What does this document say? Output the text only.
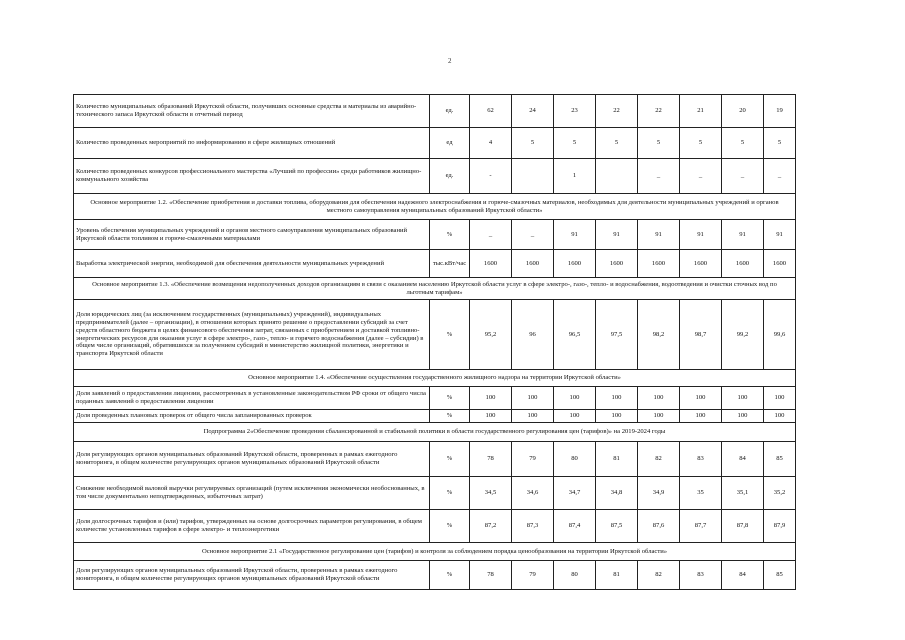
2
Количество муниципальных образований Иркутской области, получивших основные средства и материалы из аварийно-технического запаса Иркутской области в отчетный период	ед.	62	24	23	22	22	21	20	19
Количество проведенных мероприятий по информированию в сфере жилищных отношений	ед	4	5	5	5	5	5	5	5
Количество проведенных конкурсов профессионального мастерства «Лучший по профессии» среди работников жилищно-коммунального хозяйства	ед.	-		1		_	_	_	_
Основное мероприятие 1.2. «Обеспечение приобретения и доставки топлива, оборудования для обеспечения надежного электроснабжения и горюче-смазочных материалов, необходимых для деятельности муниципальных учреждений и органов местного самоуправления муниципальных образований Иркутской области»									
Уровень обеспечения муниципальных учреждений и органов местного самоуправления муниципальных образований Иркутской области топливом и горюче-смазочными материалами	%	_	_	91	91	91	91	91	91
Выработка электрической энергии, необходимой для обеспечения деятельности муниципальных учреждений	тыс.кВт/час	1600	1600	1600	1600	1600	1600	1600	1600
Основное мероприятие 1.3. «Обеспечение возмещения недополученных доходов организациям в связи с оказанием населению Иркутской области услуг в сфере электро-, газо-, тепло- и водоснабжения, водоотведения и очистки сточных вод по льготным тарифам»									
Доля юридических лиц (за исключением государственных (муниципальных) учреждений), индивидуальных предпринимателей (далее – организации), в отношении которых принято решение о предоставлении субсидий за счет средств областного бюджета в целях финансового обеспечения затрат, связанных с приобретением и доставкой топливно-энергетических ресурсов для оказания услуг в сфере электро-, газо-, тепло- и горячего водоснабжения (далее – субсидии) в общем числе организаций, обратившихся за получением субсидий в министерство жилищной политики, энергетики и транспорта Иркутской области	%	95,2	96	96,5	97,5	98,2	98,7	99,2	99,6
Основное мероприятие 1.4. «Обеспечение осуществления государственного жилищного надзора на территории Иркутской области»									
Доля заявлений о предоставлении лицензии, рассмотренных в установленные законодательством РФ сроки от общего числа поданных заявлений о предоставлении лицензии	%	100	100	100	100	100	100	100	100
Доля проведенных плановых проверок от общего числа запланированных проверок	%	100	100	100	100	100	100	100	100
Подпрограмма 2«Обеспечение проведения сбалансированной и стабильной политики в области государственного регулирования цен (тарифов)» на 2019-2024 годы									
Доля регулирующих органов муниципальных образований Иркутской области, проверенных в рамках ежегодного мониторинга, в общем количестве регулирующих органов муниципальных образований Иркутской области	%	78	79	80	81	82	83	84	85
Снижение необходимой валовой выручки регулируемых организаций (путем исключения экономически необоснованных, в том числе документально неподтвержденных, избыточных затрат)	%	34,5	34,6	34,7	34,8	34,9	35	35,1	35,2
Доля долгосрочных тарифов и (или) тарифов, утвержденных на основе долгосрочных параметров регулирования, в общем количестве установленных тарифов в сфере электро- и теплоэнергетики	%	87,2	87,3	87,4	87,5	87,6	87,7	87,8	87,9
Основное мероприятие 2.1 «Государственное регулирование цен (тарифов) и контроля за соблюдением порядка ценообразования на территории Иркутской области»									
Доля регулирующих органов муниципальных образований Иркутской области, проверенных в рамках ежегодного мониторинга, в общем количестве регулирующих органов муниципальных образований Иркутской области	%	78	79	80	81	82	83	84	85
